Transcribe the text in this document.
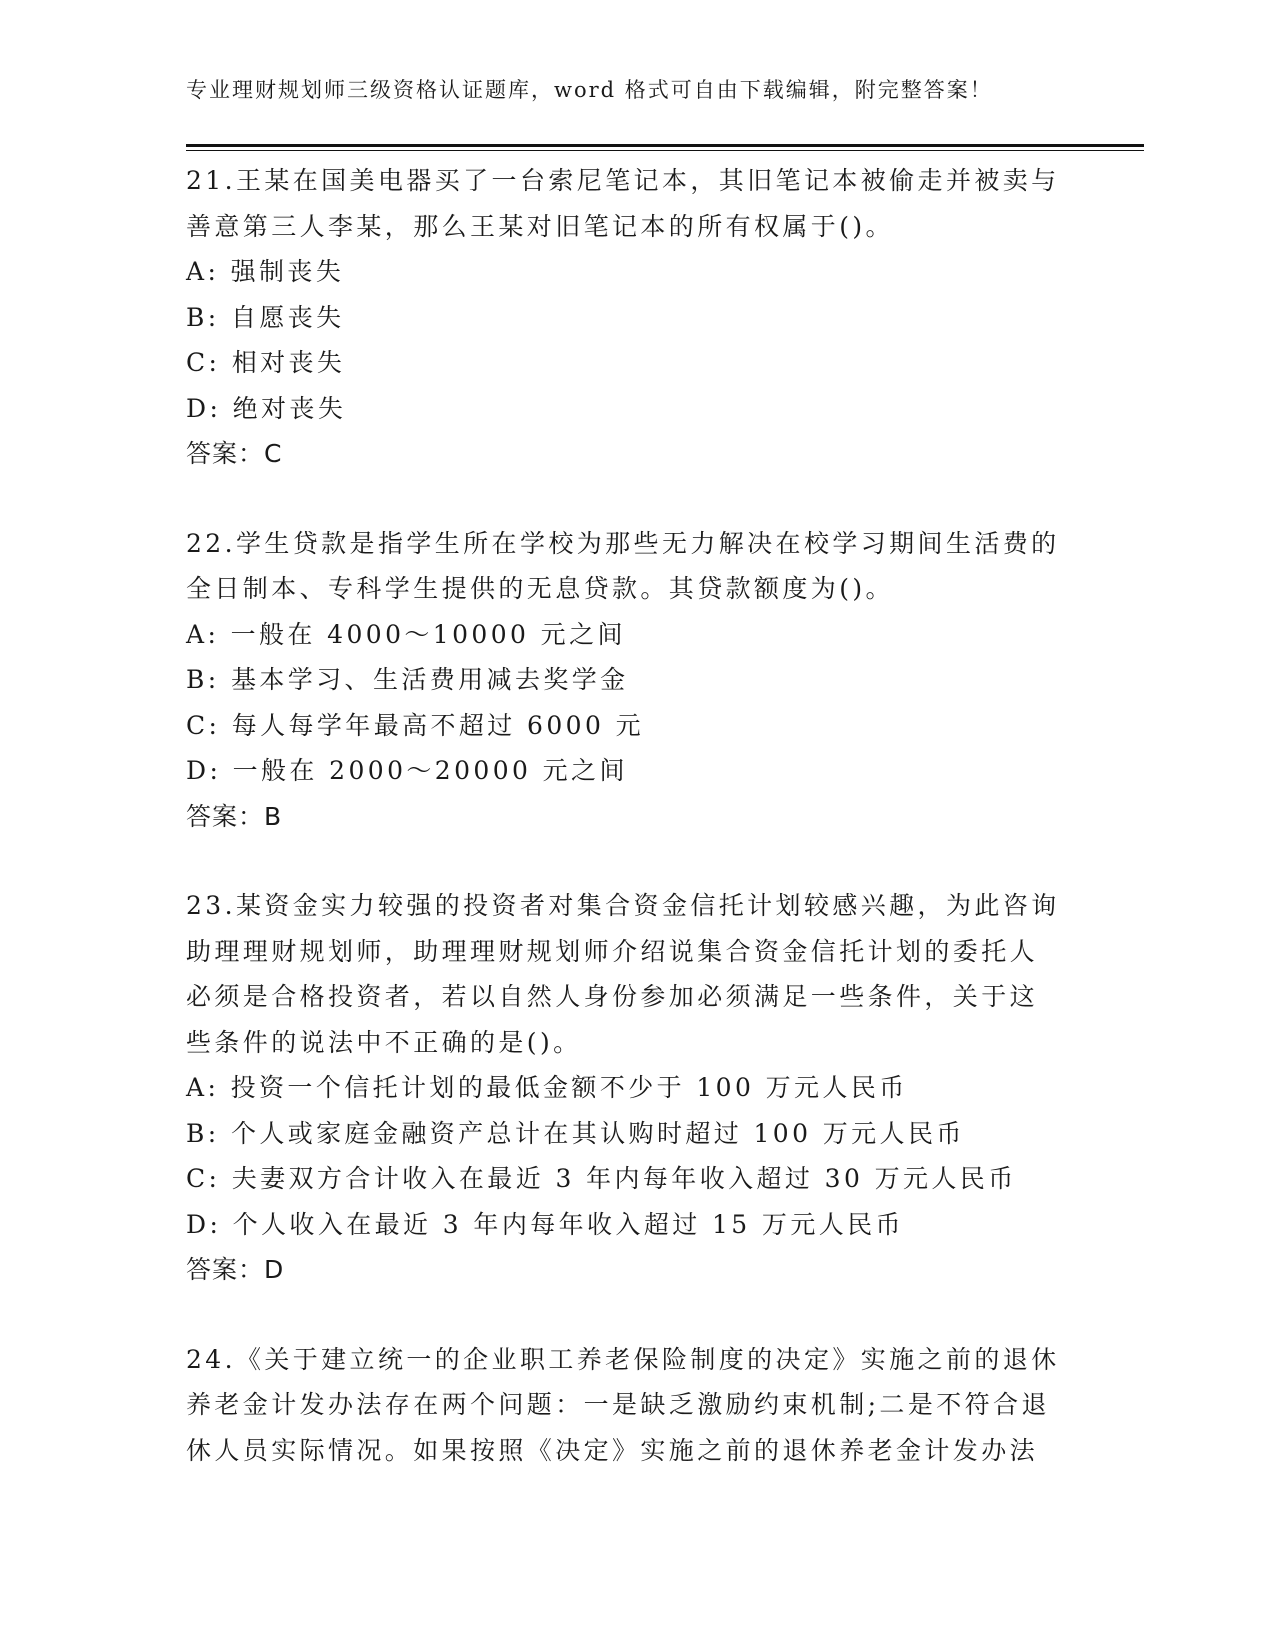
专业理财规划师三级资格认证题库，word 格式可自由下载编辑，附完整答案！
21.王某在国美电器买了一台索尼笔记本，其旧笔记本被偷走并被卖与
善意第三人李某，那么王某对旧笔记本的所有权属于()。
A: 强制丧失
B: 自愿丧失
C: 相对丧失
D: 绝对丧失
答案：C
22.学生贷款是指学生所在学校为那些无力解决在校学习期间生活费的
全日制本、专科学生提供的无息贷款。其贷款额度为()。
A: 一般在 4000～10000 元之间
B: 基本学习、生活费用减去奖学金
C: 每人每学年最高不超过 6000 元
D: 一般在 2000～20000 元之间
答案：B
23.某资金实力较强的投资者对集合资金信托计划较感兴趣，为此咨询
助理理财规划师，助理理财规划师介绍说集合资金信托计划的委托人
必须是合格投资者，若以自然人身份参加必须满足一些条件，关于这
些条件的说法中不正确的是()。
A: 投资一个信托计划的最低金额不少于 100 万元人民币
B: 个人或家庭金融资产总计在其认购时超过 100 万元人民币
C: 夫妻双方合计收入在最近 3 年内每年收入超过 30 万元人民币
D: 个人收入在最近 3 年内每年收入超过 15 万元人民币
答案：D
24.《关于建立统一的企业职工养老保险制度的决定》实施之前的退休
养老金计发办法存在两个问题：一是缺乏激励约束机制;二是不符合退
休人员实际情况。如果按照《决定》实施之前的退休养老金计发办法
